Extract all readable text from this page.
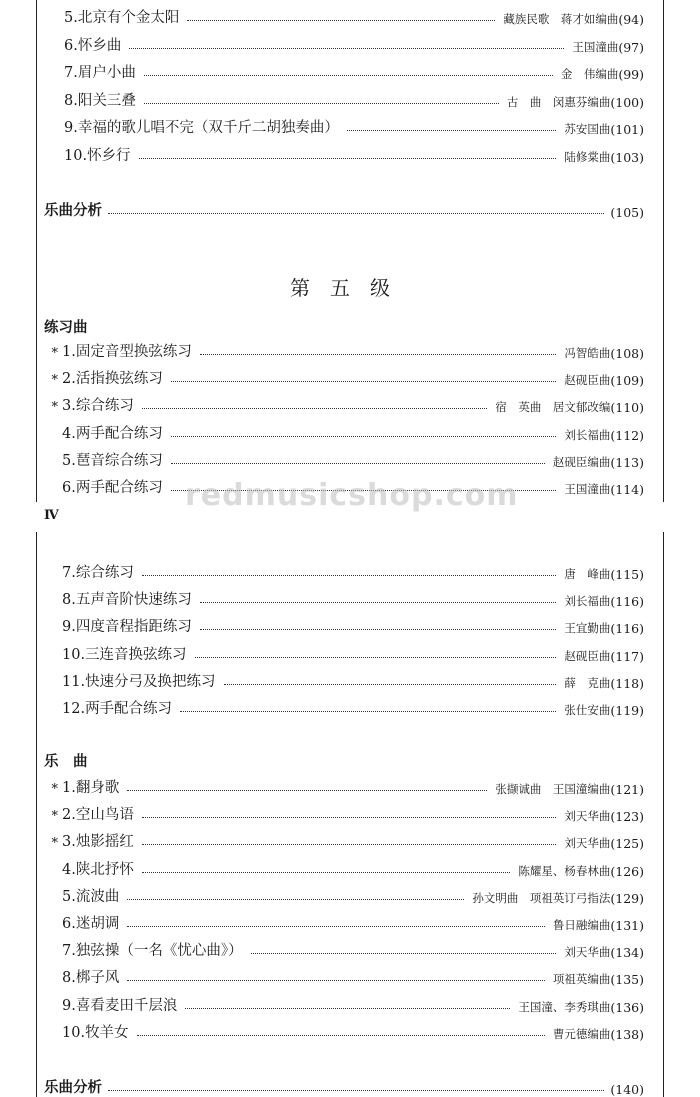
5.北京有个金太阳	藏族民歌　蒋才如编曲 (94)
6.怀乡曲	王国潼曲 (97)
7.眉户小曲	金　伟编曲 (99)
8.阳关三叠	古　曲　闵惠芬编曲 (100)
9.幸福的歌儿唱不完（双千斤二胡独奏曲）	苏安国曲 (101)
10.怀乡行	陆修棠曲 (103)
乐曲分析	(105)
第五级
练习曲
* 1.固定音型换弦练习	冯智皓曲 (108)
* 2.活指换弦练习	赵砚臣曲 (109)
* 3.综合练习	宿　英曲　居文郁改编 (110)
4.两手配合练习	刘长福曲 (112)
5.琶音综合练习	赵砚臣编曲 (113)
6.两手配合练习	王国潼曲 (114)
Ⅳ
redmusicshop.com
7.综合练习	唐　峰曲 (115)
8.五声音阶快速练习	刘长福曲 (116)
9.四度音程指距练习	王宜勤曲 (116)
10.三连音换弦练习	赵砚臣曲 (117)
11.快速分弓及换把练习	薛　克曲 (118)
12.两手配合练习	张仕安曲 (119)
乐　曲
* 1.翻身歌	张撷诚曲　王国潼编曲 (121)
* 2.空山鸟语	刘天华曲 (123)
* 3.烛影摇红	刘天华曲 (125)
4.陕北抒怀	陈耀星、杨春林曲 (126)
5.流波曲	孙文明曲　项祖英订弓指法 (129)
6.迷胡调	鲁日融编曲 (131)
7.独弦操（一名《忧心曲》）	刘天华曲 (134)
8.梆子风	项祖英编曲 (135)
9.喜看麦田千层浪	王国潼、李秀琪曲 (136)
10.牧羊女	曹元德编曲 (138)
乐曲分析	(140)
